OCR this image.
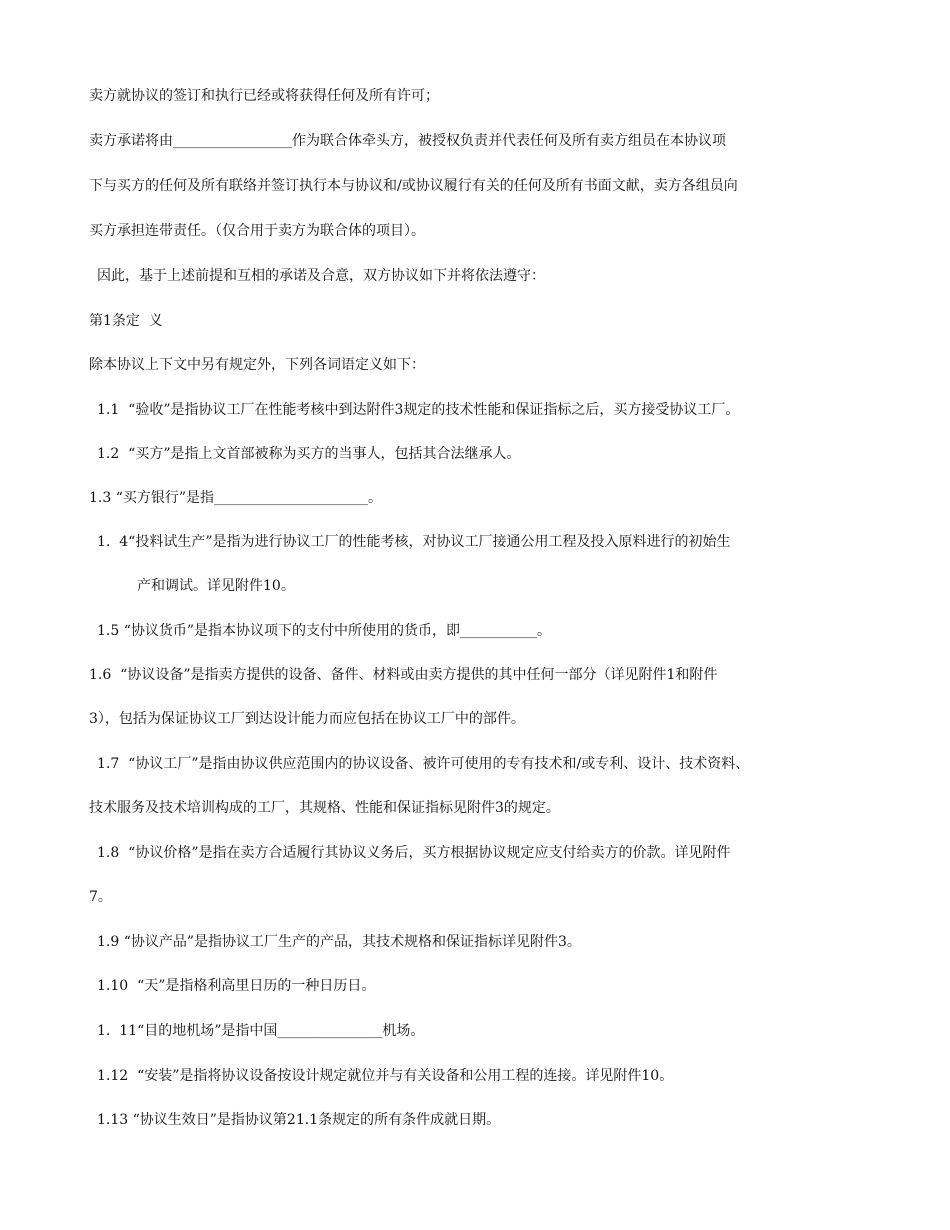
卖方就协议的签订和执行已经或将获得任何及所有许可；
卖方承诺将由_________________作为联合体牵头方，被授权负责并代表任何及所有卖方组员在本协议项
下与买方的任何及所有联络并签订执行本与协议和/或协议履行有关的任何及所有书面文献，卖方各组员向
买方承担连带责任。（仅合用于卖方为联合体的项目）。
因此，基于上述前提和互相的承诺及合意，双方协议如下并将依法遵守：
第1条定  义
除本协议上下文中另有规定外，下列各词语定义如下：
1.1  “验收”是指协议工厂在性能考核中到达附件3规定的技术性能和保证指标之后，买方接受协议工厂。
1.2  “买方”是指上文首部被称为买方的当事人，包括其合法继承人。
1.3 “买方银行”是指______________________。
1.  4“投料试生产”是指为进行协议工厂的性能考核，对协议工厂接通公用工程及投入原料进行的初始生
产和调试。详见附件10。
1.5 “协议货币”是指本协议项下的支付中所使用的货币，即___________。
1.6  “协议设备”是指卖方提供的设备、备件、材料或由卖方提供的其中任何一部分（详见附件1和附件
3），包括为保证协议工厂到达设计能力而应包括在协议工厂中的部件。
1.7  “协议工厂”是指由协议供应范围内的协议设备、被许可使用的专有技术和/或专利、设计、技术资料、
技术服务及技术培训构成的工厂，其规格、性能和保证指标见附件3的规定。
1.8  “协议价格”是指在卖方合适履行其协议义务后，买方根据协议规定应支付给卖方的价款。详见附件
7。
1.9 “协议产品”是指协议工厂生产的产品，其技术规格和保证指标详见附件3。
1.10  “天”是指格利高里日历的一种日历日。
1.  11“目的地机场”是指中国_______________机场。
1.12  “安装”是指将协议设备按设计规定就位并与有关设备和公用工程的连接。详见附件10。
1.13 “协议生效日”是指协议第21.1条规定的所有条件成就日期。
